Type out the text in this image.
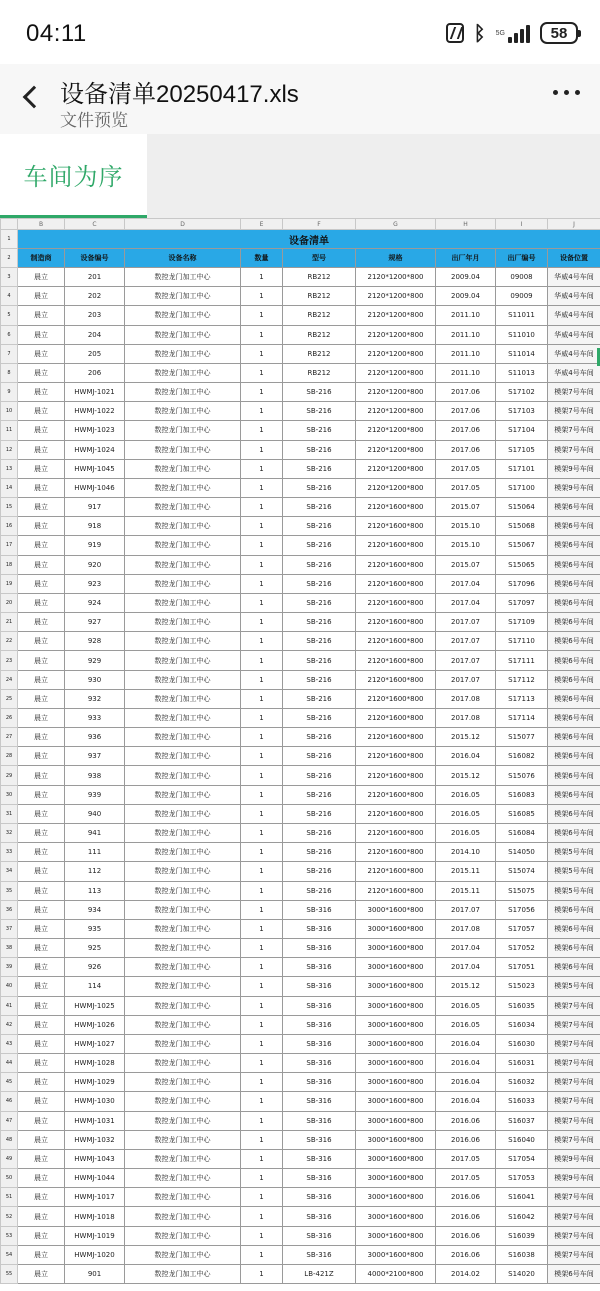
04:11	ᛒ 5G	58
设备清单20250417.xls
文件预览
车间为序
	B	C	D	E	F	G	H	I	J
1	设备清单								
2	制造商	设备编号	设备名称	数量	型号	规格	出厂年月	出厂编号	设备位置
3	晨立	201	数控龙门加工中心	1	RB212	2120*1200*800	2009.04	09008	华威4号车间
4	晨立	202	数控龙门加工中心	1	RB212	2120*1200*800	2009.04	09009	华威4号车间
5	晨立	203	数控龙门加工中心	1	RB212	2120*1200*800	2011.10	S11011	华威4号车间
6	晨立	204	数控龙门加工中心	1	RB212	2120*1200*800	2011.10	S11010	华威4号车间
7	晨立	205	数控龙门加工中心	1	RB212	2120*1200*800	2011.10	S11014	华威4号车间
8	晨立	206	数控龙门加工中心	1	RB212	2120*1200*800	2011.10	S11013	华威4号车间
9	晨立	HWMJ-1021	数控龙门加工中心	1	SB-216	2120*1200*800	2017.06	S17102	模架7号车间
10	晨立	HWMJ-1022	数控龙门加工中心	1	SB-216	2120*1200*800	2017.06	S17103	模架7号车间
11	晨立	HWMJ-1023	数控龙门加工中心	1	SB-216	2120*1200*800	2017.06	S17104	模架7号车间
12	晨立	HWMJ-1024	数控龙门加工中心	1	SB-216	2120*1200*800	2017.06	S17105	模架7号车间
13	晨立	HWMJ-1045	数控龙门加工中心	1	SB-216	2120*1200*800	2017.05	S17101	模架9号车间
14	晨立	HWMJ-1046	数控龙门加工中心	1	SB-216	2120*1200*800	2017.05	S17100	模架9号车间
15	晨立	917	数控龙门加工中心	1	SB-216	2120*1600*800	2015.07	S15064	模架6号车间
16	晨立	918	数控龙门加工中心	1	SB-216	2120*1600*800	2015.10	S15068	模架6号车间
17	晨立	919	数控龙门加工中心	1	SB-216	2120*1600*800	2015.10	S15067	模架6号车间
18	晨立	920	数控龙门加工中心	1	SB-216	2120*1600*800	2015.07	S15065	模架6号车间
19	晨立	923	数控龙门加工中心	1	SB-216	2120*1600*800	2017.04	S17096	模架6号车间
20	晨立	924	数控龙门加工中心	1	SB-216	2120*1600*800	2017.04	S17097	模架6号车间
21	晨立	927	数控龙门加工中心	1	SB-216	2120*1600*800	2017.07	S17109	模架6号车间
22	晨立	928	数控龙门加工中心	1	SB-216	2120*1600*800	2017.07	S17110	模架6号车间
23	晨立	929	数控龙门加工中心	1	SB-216	2120*1600*800	2017.07	S17111	模架6号车间
24	晨立	930	数控龙门加工中心	1	SB-216	2120*1600*800	2017.07	S17112	模架6号车间
25	晨立	932	数控龙门加工中心	1	SB-216	2120*1600*800	2017.08	S17113	模架6号车间
26	晨立	933	数控龙门加工中心	1	SB-216	2120*1600*800	2017.08	S17114	模架6号车间
27	晨立	936	数控龙门加工中心	1	SB-216	2120*1600*800	2015.12	S15077	模架6号车间
28	晨立	937	数控龙门加工中心	1	SB-216	2120*1600*800	2016.04	S16082	模架6号车间
29	晨立	938	数控龙门加工中心	1	SB-216	2120*1600*800	2015.12	S15076	模架6号车间
30	晨立	939	数控龙门加工中心	1	SB-216	2120*1600*800	2016.05	S16083	模架6号车间
31	晨立	940	数控龙门加工中心	1	SB-216	2120*1600*800	2016.05	S16085	模架6号车间
32	晨立	941	数控龙门加工中心	1	SB-216	2120*1600*800	2016.05	S16084	模架6号车间
33	晨立	111	数控龙门加工中心	1	SB-216	2120*1600*800	2014.10	S14050	模架5号车间
34	晨立	112	数控龙门加工中心	1	SB-216	2120*1600*800	2015.11	S15074	模架5号车间
35	晨立	113	数控龙门加工中心	1	SB-216	2120*1600*800	2015.11	S15075	模架5号车间
36	晨立	934	数控龙门加工中心	1	SB-316	3000*1600*800	2017.07	S17056	模架6号车间
37	晨立	935	数控龙门加工中心	1	SB-316	3000*1600*800	2017.08	S17057	模架6号车间
38	晨立	925	数控龙门加工中心	1	SB-316	3000*1600*800	2017.04	S17052	模架6号车间
39	晨立	926	数控龙门加工中心	1	SB-316	3000*1600*800	2017.04	S17051	模架6号车间
40	晨立	114	数控龙门加工中心	1	SB-316	3000*1600*800	2015.12	S15023	模架5号车间
41	晨立	HWMJ-1025	数控龙门加工中心	1	SB-316	3000*1600*800	2016.05	S16035	模架7号车间
42	晨立	HWMJ-1026	数控龙门加工中心	1	SB-316	3000*1600*800	2016.05	S16034	模架7号车间
43	晨立	HWMJ-1027	数控龙门加工中心	1	SB-316	3000*1600*800	2016.04	S16030	模架7号车间
44	晨立	HWMJ-1028	数控龙门加工中心	1	SB-316	3000*1600*800	2016.04	S16031	模架7号车间
45	晨立	HWMJ-1029	数控龙门加工中心	1	SB-316	3000*1600*800	2016.04	S16032	模架7号车间
46	晨立	HWMJ-1030	数控龙门加工中心	1	SB-316	3000*1600*800	2016.04	S16033	模架7号车间
47	晨立	HWMJ-1031	数控龙门加工中心	1	SB-316	3000*1600*800	2016.06	S16037	模架7号车间
48	晨立	HWMJ-1032	数控龙门加工中心	1	SB-316	3000*1600*800	2016.06	S16040	模架7号车间
49	晨立	HWMJ-1043	数控龙门加工中心	1	SB-316	3000*1600*800	2017.05	S17054	模架9号车间
50	晨立	HWMJ-1044	数控龙门加工中心	1	SB-316	3000*1600*800	2017.05	S17053	模架9号车间
51	晨立	HWMJ-1017	数控龙门加工中心	1	SB-316	3000*1600*800	2016.06	S16041	模架7号车间
52	晨立	HWMJ-1018	数控龙门加工中心	1	SB-316	3000*1600*800	2016.06	S16042	模架7号车间
53	晨立	HWMJ-1019	数控龙门加工中心	1	SB-316	3000*1600*800	2016.06	S16039	模架7号车间
54	晨立	HWMJ-1020	数控龙门加工中心	1	SB-316	3000*1600*800	2016.06	S16038	模架7号车间
55	晨立	901	数控龙门加工中心	1	LB-421Z	4000*2100*800	2014.02	S14020	模架6号车间
